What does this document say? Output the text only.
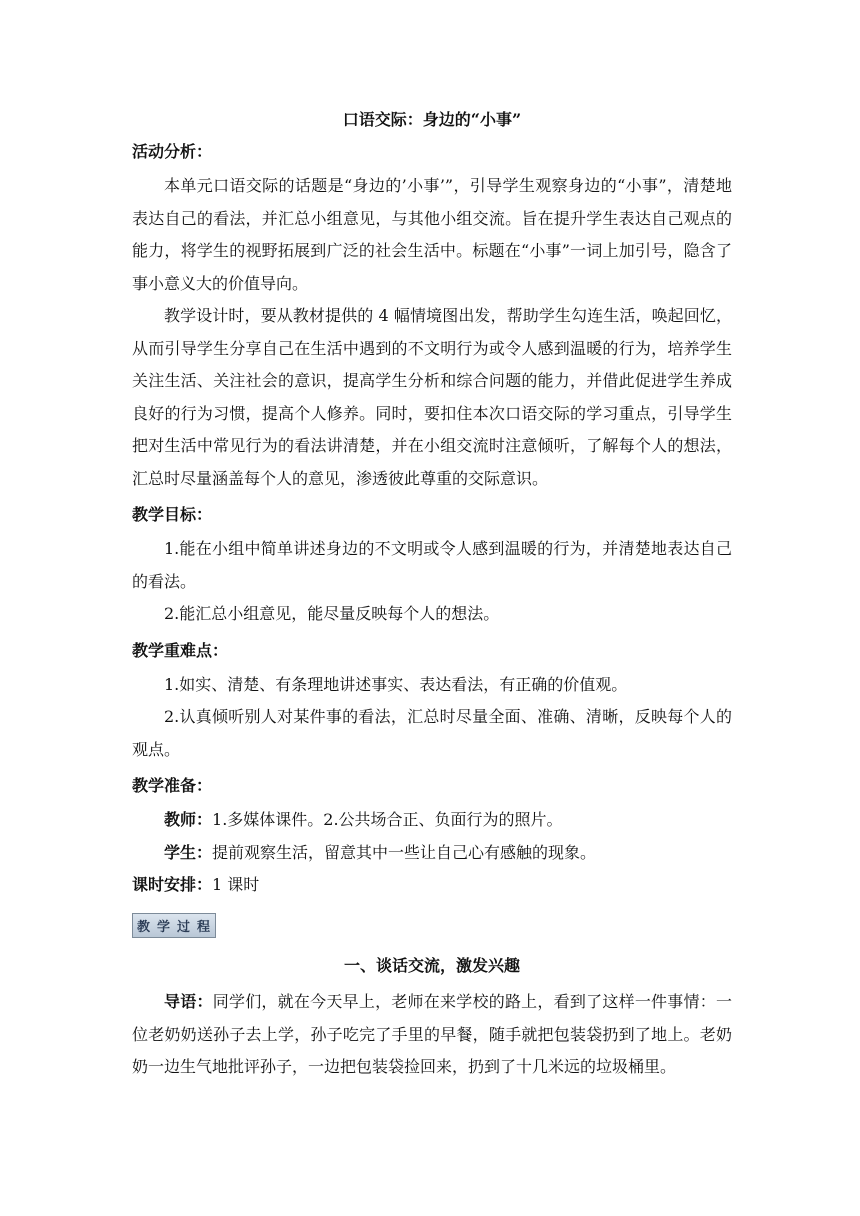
口语交际：身边的“小事”
活动分析：

本单元口语交际的话题是“身边的’小事’”，引导学生观察身边的“小事”，清楚地表达自己的看法，并汇总小组意见，与其他小组交流。旨在提升学生表达自己观点的能力，将学生的视野拓展到广泛的社会生活中。标题在“小事”一词上加引号，隐含了事小意义大的价值导向。

教学设计时，要从教材提供的 4 幅情境图出发，帮助学生勾连生活，唤起回忆，从而引导学生分享自己在生活中遇到的不文明行为或令人感到温暖的行为，培养学生关注生活、关注社会的意识，提高学生分析和综合问题的能力，并借此促进学生养成良好的行为习惯，提高个人修养。同时，要扣住本次口语交际的学习重点，引导学生把对生活中常见行为的看法讲清楚，并在小组交流时注意倾听，了解每个人的想法，汇总时尽量涵盖每个人的意见，渗透彼此尊重的交际意识。

教学目标：

1.能在小组中简单讲述身边的不文明或令人感到温暖的行为，并清楚地表达自己的看法。

2.能汇总小组意见，能尽量反映每个人的想法。

教学重难点：

1.如实、清楚、有条理地讲述事实、表达看法，有正确的价值观。

2.认真倾听别人对某件事的看法，汇总时尽量全面、准确、清晰，反映每个人的观点。

教学准备：

教师：1.多媒体课件。2.公共场合正、负面行为的照片。

学生：提前观察生活，留意其中一些让自己心有感触的现象。

课时安排：1 课时

教 学 过 程
一、谈话交流，激发兴趣

导语：同学们，就在今天早上，老师在来学校的路上，看到了这样一件事情：一位老奶奶送孙子去上学，孙子吃完了手里的早餐，随手就把包装袋扔到了地上。老奶奶一边生气地批评孙子，一边把包装袋捡回来，扔到了十几米远的垃圾桶里。
